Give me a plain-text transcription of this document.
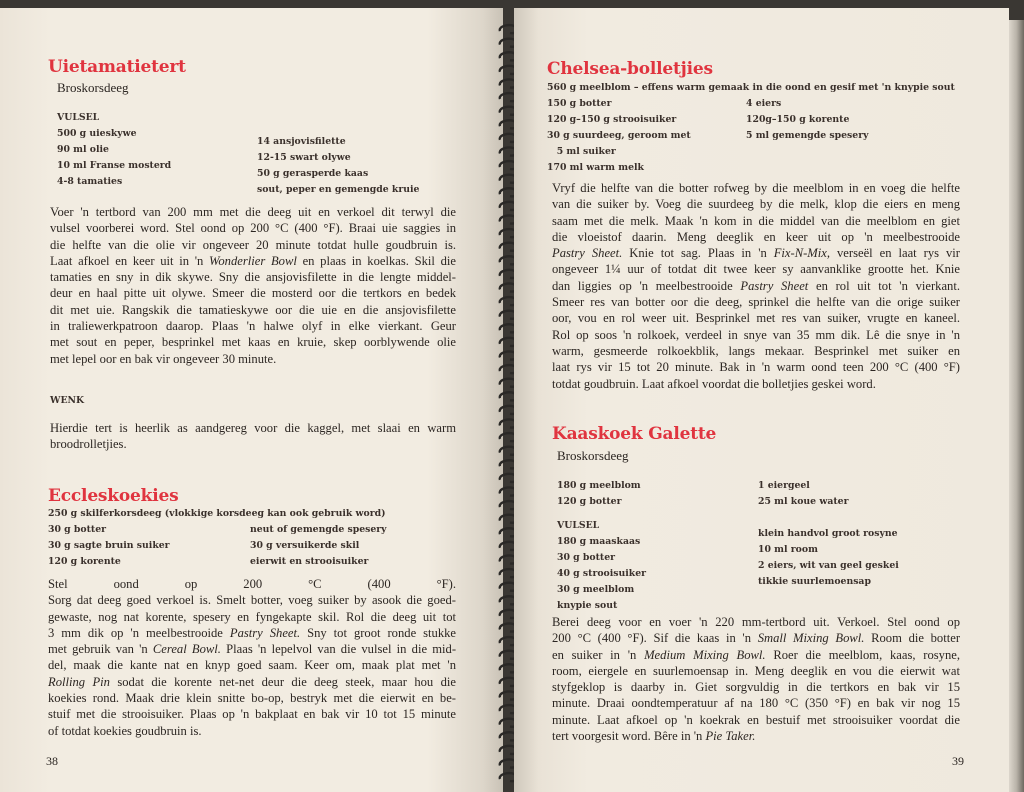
Uietamatietert
Broskorsdeeg
VULSEL
500 g uieskywe
90 ml olie
10 ml Franse mosterd
4-8 tamaties
14 ansjovisfilette
12-15 swart olywe
50 g gerasperde kaas
sout, peper en gemengde kruie
Voer 'n tertbord van 200 mm met die deeg uit en verkoel dit terwyl die
vulsel voorberei word. Stel oond op 200 °C (400 °F). Braai uie saggies in
die helfte van die olie vir ongeveer 20 minute totdat hulle goudbruin is.
Laat afkoel en keer uit in 'n Wonderlier Bowl en plaas in koelkas. Skil die
tamaties en sny in dik skywe. Sny die ansjovisfilette in die lengte middel-
deur en haal pitte uit olywe. Smeer die mosterd oor die tertkors en bedek
dit met uie. Rangskik die tamatieskywe oor die uie en die ansjovisfilette
in traliewerkpatroon daarop. Plaas 'n halwe olyf in elke vierkant. Geur
met sout en peper, besprinkel met kaas en kruie, skep oorblywende olie
met lepel oor en bak vir ongeveer 30 minute.
WENK
Hierdie tert is heerlik as aandgereg voor die kaggel, met slaai en warm
broodrolletjies.
Eccleskoekies
250 g skilferkorsdeeg (vlokkige korsdeeg kan ook gebruik word)
30 g botter
30 g sagte bruin suiker
120 g korente
neut of gemengde spesery
30 g versuikerde skil
eierwit en strooisuiker
Stel oond op 200 °C (400 °F).
Sorg dat deeg goed verkoel is. Smelt botter, voeg suiker by asook die goed-
gewaste, nog nat korente, spesery en fyngekapte skil. Rol die deeg uit tot
3 mm dik op 'n meelbestrooide Pastry Sheet. Sny tot groot ronde stukke
met gebruik van 'n Cereal Bowl. Plaas 'n lepelvol van die vulsel in die mid-
del, maak die kante nat en knyp goed saam. Keer om, maak plat met 'n
Rolling Pin sodat die korente net-net deur die deeg steek, maar hou die
koekies rond. Maak drie klein snitte bo-op, bestryk met die eierwit en be-
stuif met die strooisuiker. Plaas op 'n bakplaat en bak vir 10 tot 15 minute
of totdat koekies goudbruin is.
38
Chelsea-bolletjies
560 g meelblom – effens warm gemaak in die oond en gesif met 'n knypie sout
150 g botter
120 g–150 g strooisuiker
30 g suurdeeg, geroom met
5 ml suiker
170 ml warm melk
4 eiers
120g–150 g korente
5 ml gemengde spesery
Vryf die helfte van die botter rofweg by die meelblom in en voeg die helfte
van die suiker by. Voeg die suurdeeg by die melk, klop die eiers en meng
saam met die melk. Maak 'n kom in die middel van die meelblom en giet
die vloeistof daarin. Meng deeglik en keer uit op 'n meelbestrooide
Pastry Sheet. Knie tot sag. Plaas in 'n Fix-N-Mix, verseël en laat rys vir
ongeveer 1¼ uur of totdat dit twee keer sy aanvanklike grootte het. Knie
dan liggies op 'n meelbestrooide Pastry Sheet en rol uit tot 'n vierkant.
Smeer res van botter oor die deeg, sprinkel die helfte van die orige suiker
oor, vou en rol weer uit. Besprinkel met res van suiker, vrugte en kaneel.
Rol op soos 'n rolkoek, verdeel in snye van 35 mm dik. Lê die snye in 'n
warm, gesmeerde rolkoekblik, langs mekaar. Besprinkel met suiker en
laat rys vir 15 tot 20 minute. Bak in 'n warm oond teen 200 °C (400 °F)
totdat goudbruin. Laat afkoel voordat die bolletjies geskei word.
Kaaskoek Galette
Broskorsdeeg
180 g meelblom
120 g botter
1 eiergeel
25 ml koue water
VULSEL
180 g maaskaas
30 g botter
40 g strooisuiker
30 g meelblom
knypie sout
klein handvol groot rosyne
10 ml room
2 eiers, wit van geel geskei
tikkie suurlemoensap
Berei deeg voor en voer 'n 220 mm-tertbord uit. Verkoel. Stel oond op
200 °C (400 °F). Sif die kaas in 'n Small Mixing Bowl. Room die botter
en suiker in 'n Medium Mixing Bowl. Roer die meelblom, kaas, rosyne,
room, eiergele en suurlemoensap in. Meng deeglik en vou die eierwit wat
styfgeklop is daarby in. Giet sorgvuldig in die tertkors en bak vir 15
minute. Draai oondtemperatuur af na 180 °C (350 °F) en bak vir nog 15
minute. Laat afkoel op 'n koekrak en bestuif met strooisuiker voordat die
tert voorgesit word. Bêre in 'n Pie Taker.
39
